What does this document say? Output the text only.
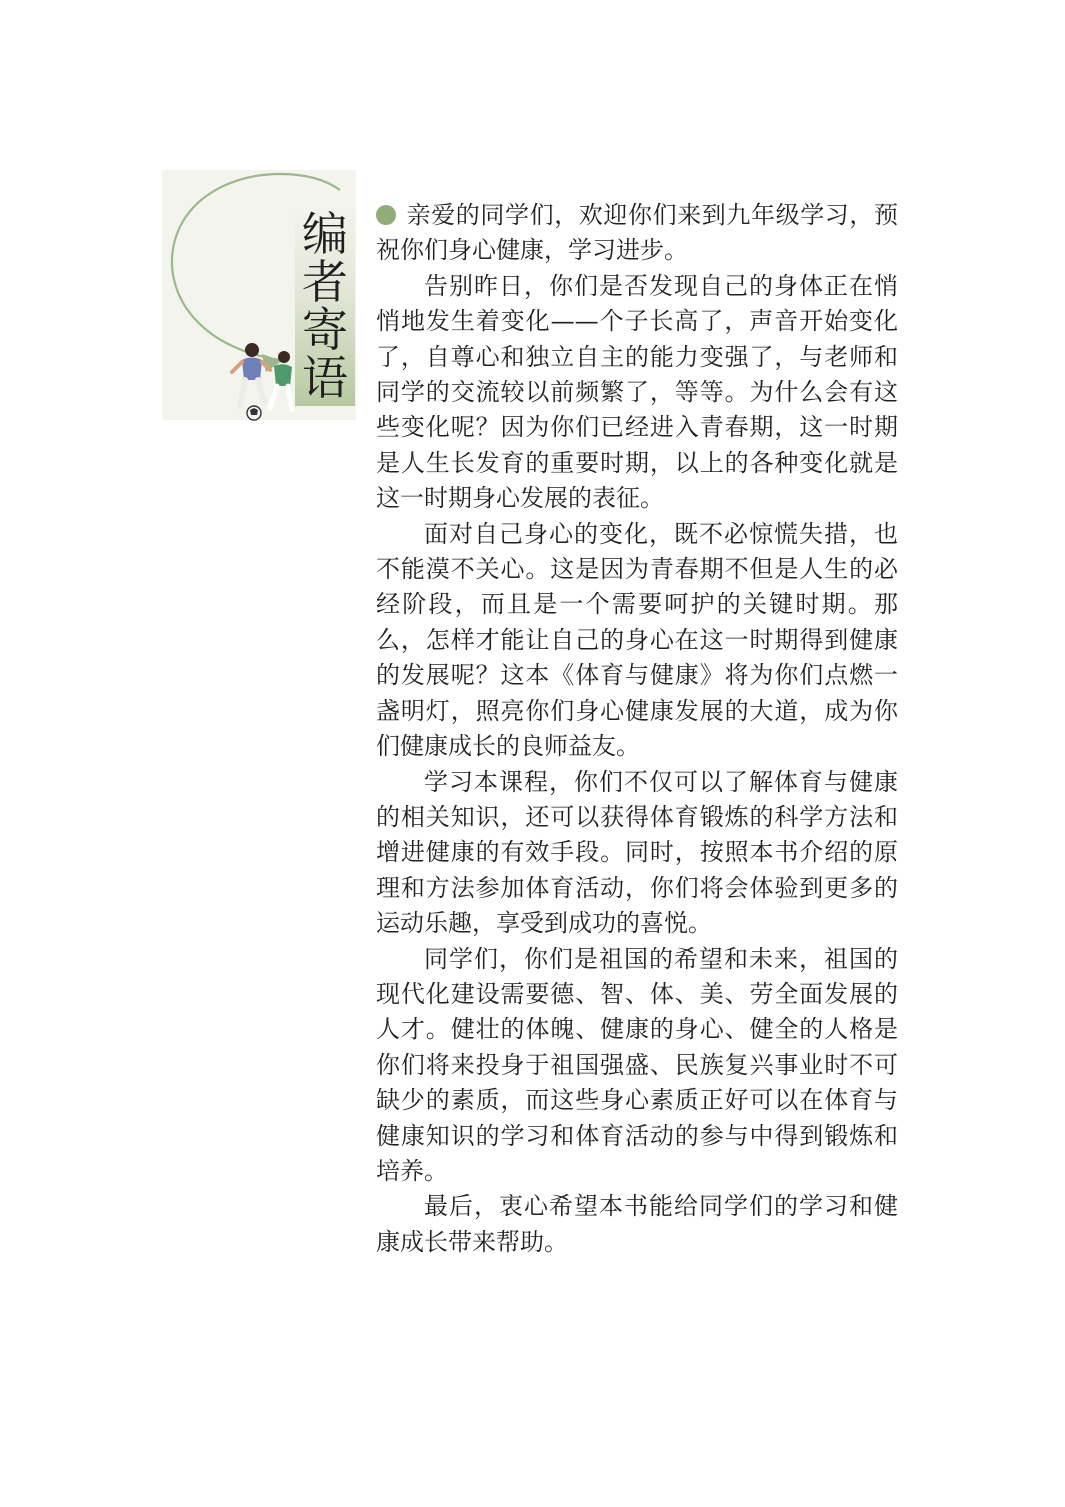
编
者
寄
语

亲爱的同学们，欢迎你们来到九年级学习，预祝你们身心健康，学习进步。

告别昨日，你们是否发现自己的身体正在悄悄地发生着变化——个子长高了，声音开始变化了，自尊心和独立自主的能力变强了，与老师和同学的交流较以前频繁了，等等。为什么会有这些变化呢？因为你们已经进入青春期，这一时期是人生长发育的重要时期，以上的各种变化就是这一时期身心发展的表征。

面对自己身心的变化，既不必惊慌失措，也不能漠不关心。这是因为青春期不但是人生的必经阶段，而且是一个需要呵护的关键时期。那么，怎样才能让自己的身心在这一时期得到健康的发展呢？这本《体育与健康》将为你们点燃一盏明灯，照亮你们身心健康发展的大道，成为你们健康成长的良师益友。

学习本课程，你们不仅可以了解体育与健康的相关知识，还可以获得体育锻炼的科学方法和增进健康的有效手段。同时，按照本书介绍的原理和方法参加体育活动，你们将会体验到更多的运动乐趣，享受到成功的喜悦。

同学们，你们是祖国的希望和未来，祖国的现代化建设需要德、智、体、美、劳全面发展的人才。健壮的体魄、健康的身心、健全的人格是你们将来投身于祖国强盛、民族复兴事业时不可缺少的素质，而这些身心素质正好可以在体育与健康知识的学习和体育活动的参与中得到锻炼和培养。

最后，衷心希望本书能给同学们的学习和健康成长带来帮助。
